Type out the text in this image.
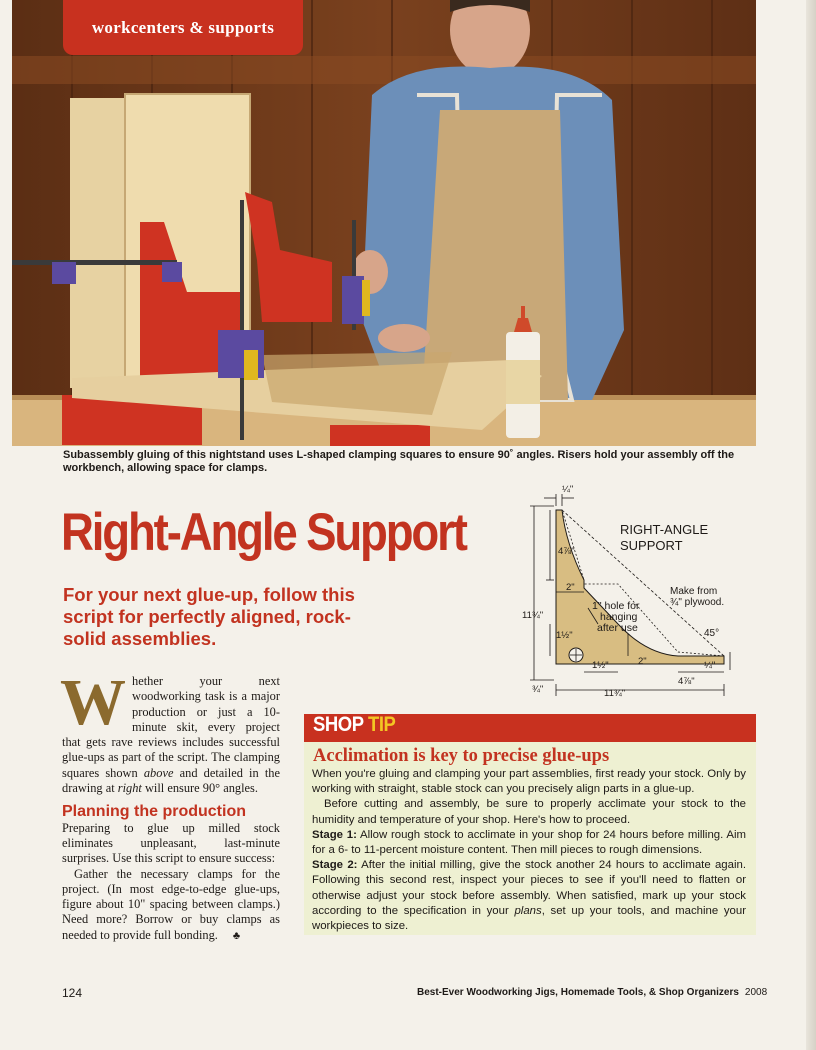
workcenters & supports
Subassembly gluing of this nightstand uses L-shaped clamping squares to ensure 90˚ angles. Risers hold your assembly off the workbench, allowing space for clamps.
Right-Angle Support
For your next glue-up, follow this script for perfectly aligned, rock-solid assemblies.

Whether your next woodworking task is a major production or just a 10-minute skit, every project that gets rave reviews includes successful glue-ups as part of the script. The clamping squares shown above and detailed in the drawing at right will ensure 90° angles.

Planning the production

Preparing to glue up milled stock eliminates unpleasant, last-minute surprises. Use this script to ensure success:

Gather the necessary clamps for the project. (In most edge-to-edge glue-ups, figure about 10" spacing between clamps.) Need more? Borrow or buy clamps as needed to provide full bonding. ♣

RIGHT-ANGLE
SUPPORT
Make from
¾" plywood.
1" hole for
hanging
after use
¼"
4⅞"
2"
11¾"
1½"
1½"	2"
45°
¼"
¾"	11¾"
4⅞"
SHOP TIP
Acclimation is key to precise glue-ups

When you're gluing and clamping your part assemblies, first ready your stock. Only by working with straight, stable stock can you precisely align parts in a glue-up.

Before cutting and assembly, be sure to properly acclimate your stock to the humidity and temperature of your shop. Here's how to proceed.

Stage 1: Allow rough stock to acclimate in your shop for 24 hours before milling. Aim for a 6- to 11-percent moisture content. Then mill pieces to rough dimensions.

Stage 2: After the initial milling, give the stock another 24 hours to acclimate again. Following this second rest, inspect your pieces to see if you'll need to flatten or otherwise adjust your stock before assembly. When satisfied, mark up your stock according to the specification in your plans, set up your tools, and machine your workpieces to size.

124	Best-Ever Woodworking Jigs, Homemade Tools, & Shop Organizers 2008
